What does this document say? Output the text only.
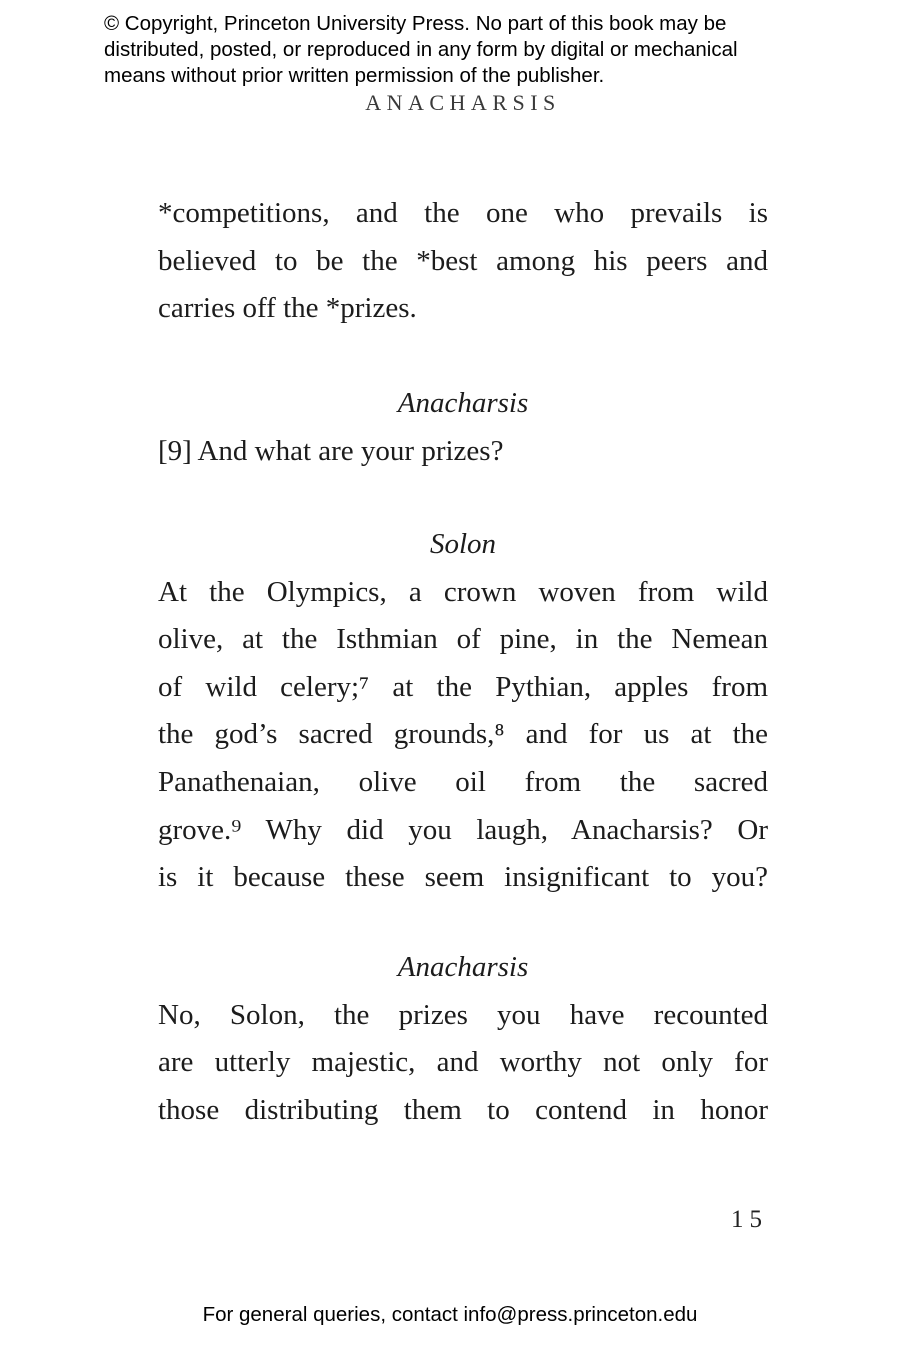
© Copyright, Princeton University Press. No part of this book may be
distributed, posted, or reproduced in any form by digital or mechanical
means without prior written permission of the publisher.
ANACHARSIS
*competitions, and the one who prevails is
believed to be the *best among his peers and
carries off the *prizes.
Anacharsis
[9] And what are your prizes?
Solon
At the Olympics, a crown woven from wild
olive, at the Isthmian of pine, in the Nemean
of wild celery;⁷ at the Pythian, apples from
the god’s sacred grounds,⁸ and for us at the
Panathenaian, olive oil from the sacred
grove.⁹ Why did you laugh, Anacharsis? Or
is it because these seem insignificant to you?
Anacharsis
No, Solon, the prizes you have recounted
are utterly majestic, and worthy not only for
those distributing them to contend in honor
15
For general queries, contact info@press.princeton.edu
